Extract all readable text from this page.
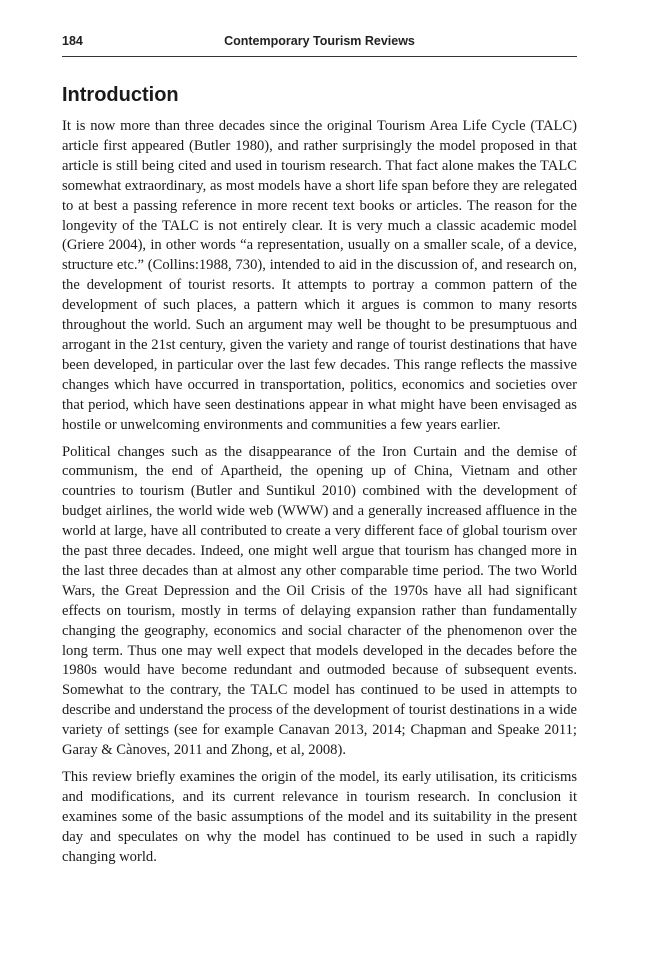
184	Contemporary Tourism Reviews
Introduction

It is now more than three decades since the original Tourism Area Life Cycle (TALC) article first appeared (Butler 1980), and rather surprisingly the model proposed in that article is still being cited and used in tourism research. That fact alone makes the TALC somewhat extraordinary, as most models have a short life span before they are relegated to at best a passing reference in more recent text books or articles. The reason for the longevity of the TALC is not entirely clear. It is very much a classic academic model (Griere 2004), in other words “a representation, usually on a smaller scale, of a device, structure etc.” (Collins:1988, 730), intended to aid in the discussion of, and research on, the development of tourist resorts. It attempts to portray a common pattern of the development of such places, a pattern which it argues is common to many resorts throughout the world. Such an argument may well be thought to be presumptuous and arrogant in the 21st century, given the variety and range of tourist destinations that have been developed, in particular over the last few decades. This range reflects the massive changes which have occurred in transportation, politics, economics and societies over that period, which have seen destinations appear in what might have been envisaged as hostile or unwelcoming environments and communities a few years earlier.

Political changes such as the disappearance of the Iron Curtain and the demise of communism, the end of Apartheid, the opening up of China, Vietnam and other countries to tourism (Butler and Suntikul 2010) combined with the development of budget airlines, the world wide web (WWW) and a generally increased affluence in the world at large, have all contributed to create a very different face of global tourism over the past three decades. Indeed, one might well argue that tourism has changed more in the last three decades than at almost any other comparable time period. The two World Wars, the Great Depression and the Oil Crisis of the 1970s have all had significant effects on tourism, mostly in terms of delaying expansion rather than fundamentally changing the geography, economics and social character of the phenomenon over the long term. Thus one may well expect that models developed in the decades before the 1980s would have become redundant and outmoded because of subsequent events. Somewhat to the contrary, the TALC model has continued to be used in attempts to describe and understand the process of the development of tourist destinations in a wide variety of settings (see for example Canavan 2013, 2014; Chapman and Speake 2011; Garay & Cànoves, 2011 and Zhong, et al, 2008).

This review briefly examines the origin of the model, its early utilisation, its criticisms and modifications, and its current relevance in tourism research. In conclusion it examines some of the basic assumptions of the model and its suitability in the present day and speculates on why the model has continued to be used in such a rapidly changing world.
